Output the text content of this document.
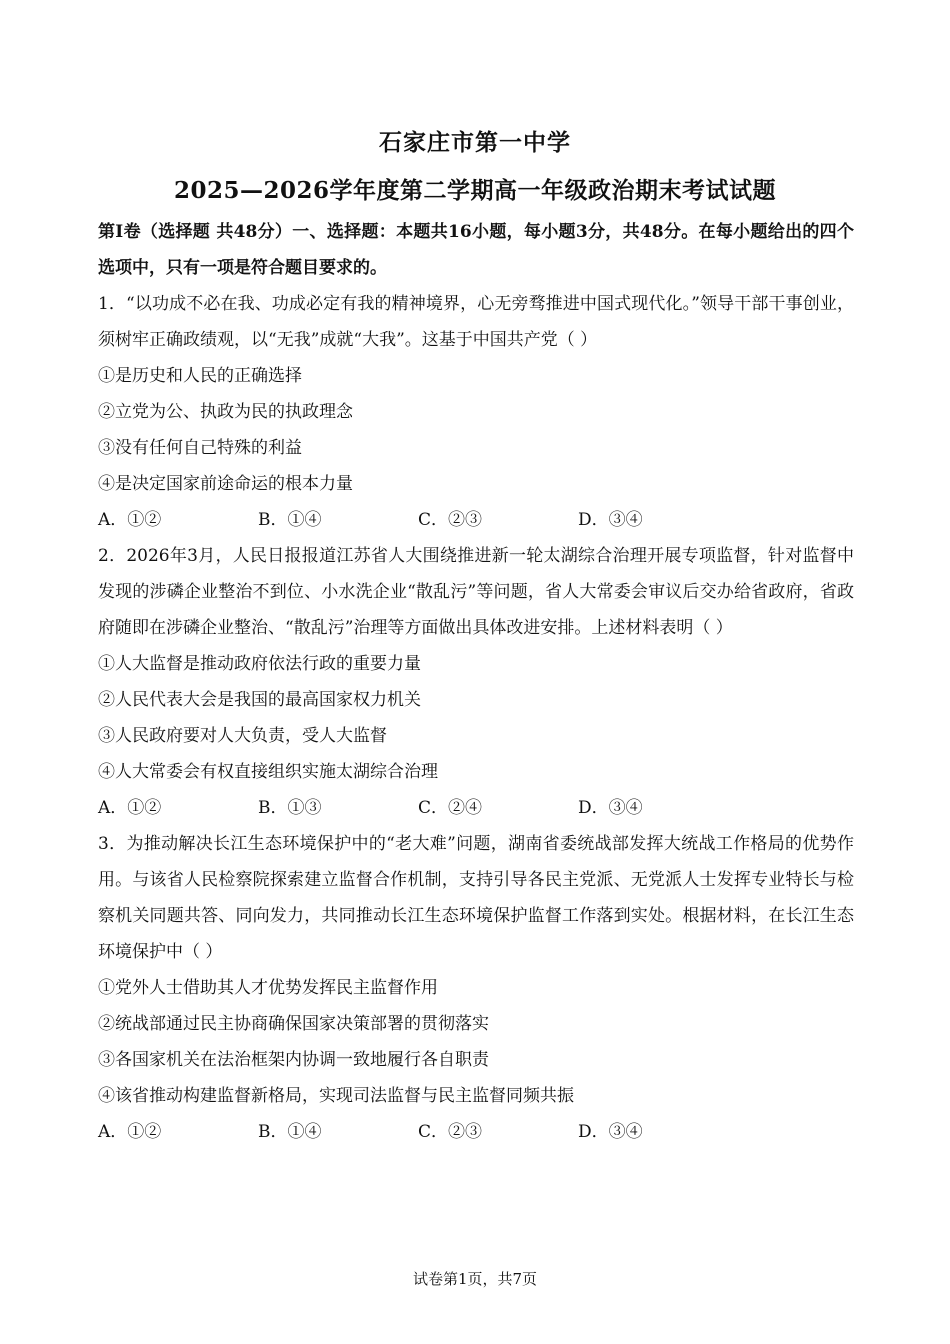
石家庄市第一中学
2025—2026学年度第二学期高一年级政治期末考试试题

第Ⅰ卷（选择题 共48分）一、选择题：本题共16小题，每小题3分，共48分。在每小题给出的四个选项中，只有一项是符合题目要求的。

1．“以功成不必在我、功成必定有我的精神境界，心无旁骛推进中国式现代化。”领导干部干事创业，须树牢正确政绩观，以“无我”成就“大我”。这基于中国共产党（ ）

①是历史和人民的正确选择

②立党为公、执政为民的执政理念

③没有任何自己特殊的利益

④是决定国家前途命运的根本力量

A．①②	B．①④	C．②③	D．③④

2．2026年3月，人民日报报道江苏省人大围绕推进新一轮太湖综合治理开展专项监督，针对监督中发现的涉磷企业整治不到位、小水洗企业“散乱污”等问题，省人大常委会审议后交办给省政府，省政府随即在涉磷企业整治、“散乱污”治理等方面做出具体改进安排。上述材料表明（ ）

①人大监督是推动政府依法行政的重要力量

②人民代表大会是我国的最高国家权力机关

③人民政府要对人大负责，受人大监督

④人大常委会有权直接组织实施太湖综合治理

A．①②	B．①③	C．②④	D．③④

3．为推动解决长江生态环境保护中的“老大难”问题，湖南省委统战部发挥大统战工作格局的优势作用。与该省人民检察院探索建立监督合作机制，支持引导各民主党派、无党派人士发挥专业特长与检察机关同题共答、同向发力，共同推动长江生态环境保护监督工作落到实处。根据材料，在长江生态环境保护中（ ）

①党外人士借助其人才优势发挥民主监督作用

②统战部通过民主协商确保国家决策部署的贯彻落实

③各国家机关在法治框架内协调一致地履行各自职责

④该省推动构建监督新格局，实现司法监督与民主监督同频共振

A．①②	B．①④	C．②③	D．③④
试卷第1页，共7页
